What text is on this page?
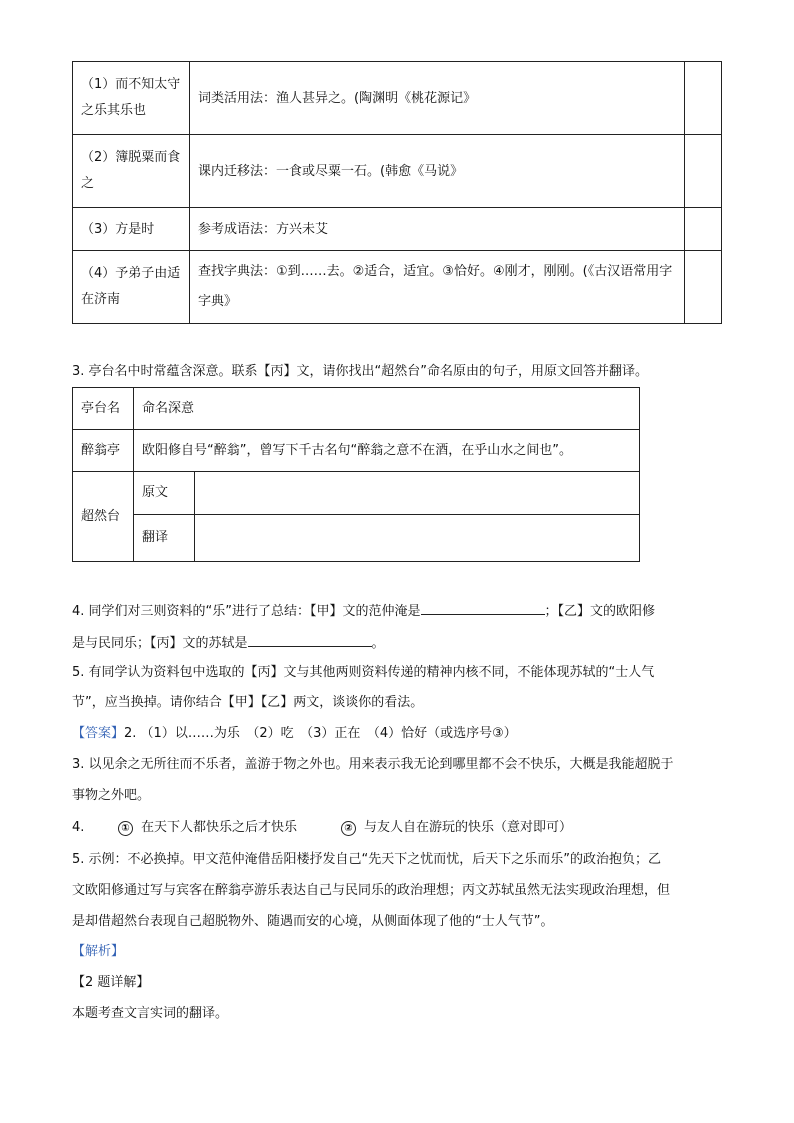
（1）而不知太守之乐其乐也	词类活用法：渔人甚异之。(陶渊明《桃花源记》	
（2）簿脱粟而食之	课内迁移法：一食或尽粟一石。(韩愈《马说》	
（3）方是时	参考成语法：方兴未艾	
（4）予弟子由适在济南	查找字典法：①到……去。②适合，适宜。③恰好。④刚才，刚刚。(《古汉语常用字字典》	
3. 亭台名中时常蕴含深意。联系【丙】文，请你找出“超然台”命名原由的句子，用原文回答并翻译。
亭台名	命名深意	
醉翁亭	欧阳修自号“醉翁”，曾写下千古名句“醉翁之意不在酒，在乎山水之间也”。	
超然台	原文	
	翻译	
4. 同学们对三则资料的“乐”进行了总结：【甲】文的范仲淹是	；【乙】文的欧阳修
是与民同乐；【丙】文的苏轼是	。
5. 有同学认为资料包中选取的【丙】文与其他两则资料传递的精神内核不同，不能体现苏轼的“士人气
节”，应当换掉。请你结合【甲】【乙】两文，谈谈你的看法。
【答案】2. （1）以……为乐　（2）吃　（3）正在　（4）恰好（或选序号③）
3. 以见余之无所往而不乐者，盖游于物之外也。用来表示我无论到哪里都不会不快乐，大概是我能超脱于
事物之外吧。
4.	① 在天下人都快乐之后才快乐	② 与友人自在游玩的快乐（意对即可）
5. 示例：不必换掉。甲文范仲淹借岳阳楼抒发自己“先天下之忧而忧，后天下之乐而乐”的政治抱负；乙
文欧阳修通过写与宾客在醉翁亭游乐表达自己与民同乐的政治理想；丙文苏轼虽然无法实现政治理想，但
是却借超然台表现自己超脱物外、随遇而安的心境，从侧面体现了他的“士人气节”。
【解析】
【2 题详解】
本题考查文言实词的翻译。
